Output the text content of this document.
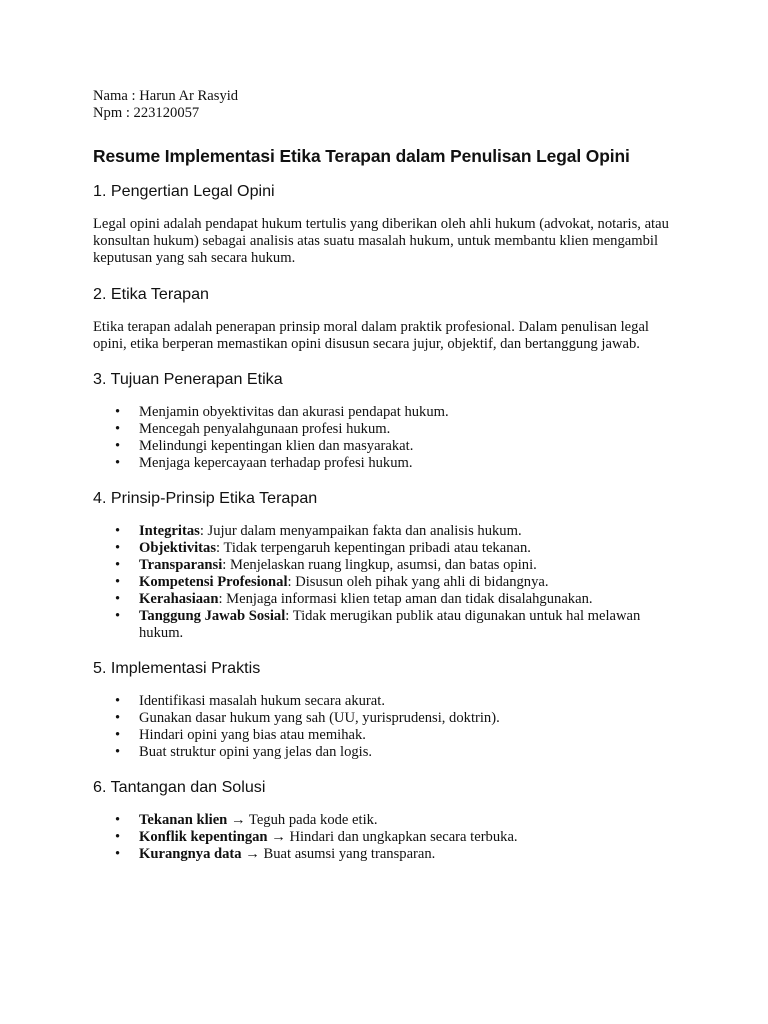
Nama : Harun Ar Rasyid

Npm : 223120057

Resume Implementasi Etika Terapan dalam Penulisan Legal Opini
1. Pengertian Legal Opini

Legal opini adalah pendapat hukum tertulis yang diberikan oleh ahli hukum (advokat, notaris, atau konsultan hukum) sebagai analisis atas suatu masalah hukum, untuk membantu klien mengambil keputusan yang sah secara hukum.

2. Etika Terapan

Etika terapan adalah penerapan prinsip moral dalam praktik profesional. Dalam penulisan legal opini, etika berperan memastikan opini disusun secara jujur, objektif, dan bertanggung jawab.

3. Tujuan Penerapan Etika
• Menjamin obyektivitas dan akurasi pendapat hukum.
• Mencegah penyalahgunaan profesi hukum.
• Melindungi kepentingan klien dan masyarakat.
• Menjaga kepercayaan terhadap profesi hukum.
4. Prinsip-Prinsip Etika Terapan
• Integritas: Jujur dalam menyampaikan fakta dan analisis hukum.
• Objektivitas: Tidak terpengaruh kepentingan pribadi atau tekanan.
• Transparansi: Menjelaskan ruang lingkup, asumsi, dan batas opini.
• Kompetensi Profesional: Disusun oleh pihak yang ahli di bidangnya.
• Kerahasiaan: Menjaga informasi klien tetap aman dan tidak disalahgunakan.
• Tanggung Jawab Sosial: Tidak merugikan publik atau digunakan untuk hal melawan hukum.
5. Implementasi Praktis
• Identifikasi masalah hukum secara akurat.
• Gunakan dasar hukum yang sah (UU, yurisprudensi, doktrin).
• Hindari opini yang bias atau memihak.
• Buat struktur opini yang jelas dan logis.
6. Tantangan dan Solusi
• Tekanan klien → Teguh pada kode etik.
• Konflik kepentingan → Hindari dan ungkapkan secara terbuka.
• Kurangnya data → Buat asumsi yang transparan.
